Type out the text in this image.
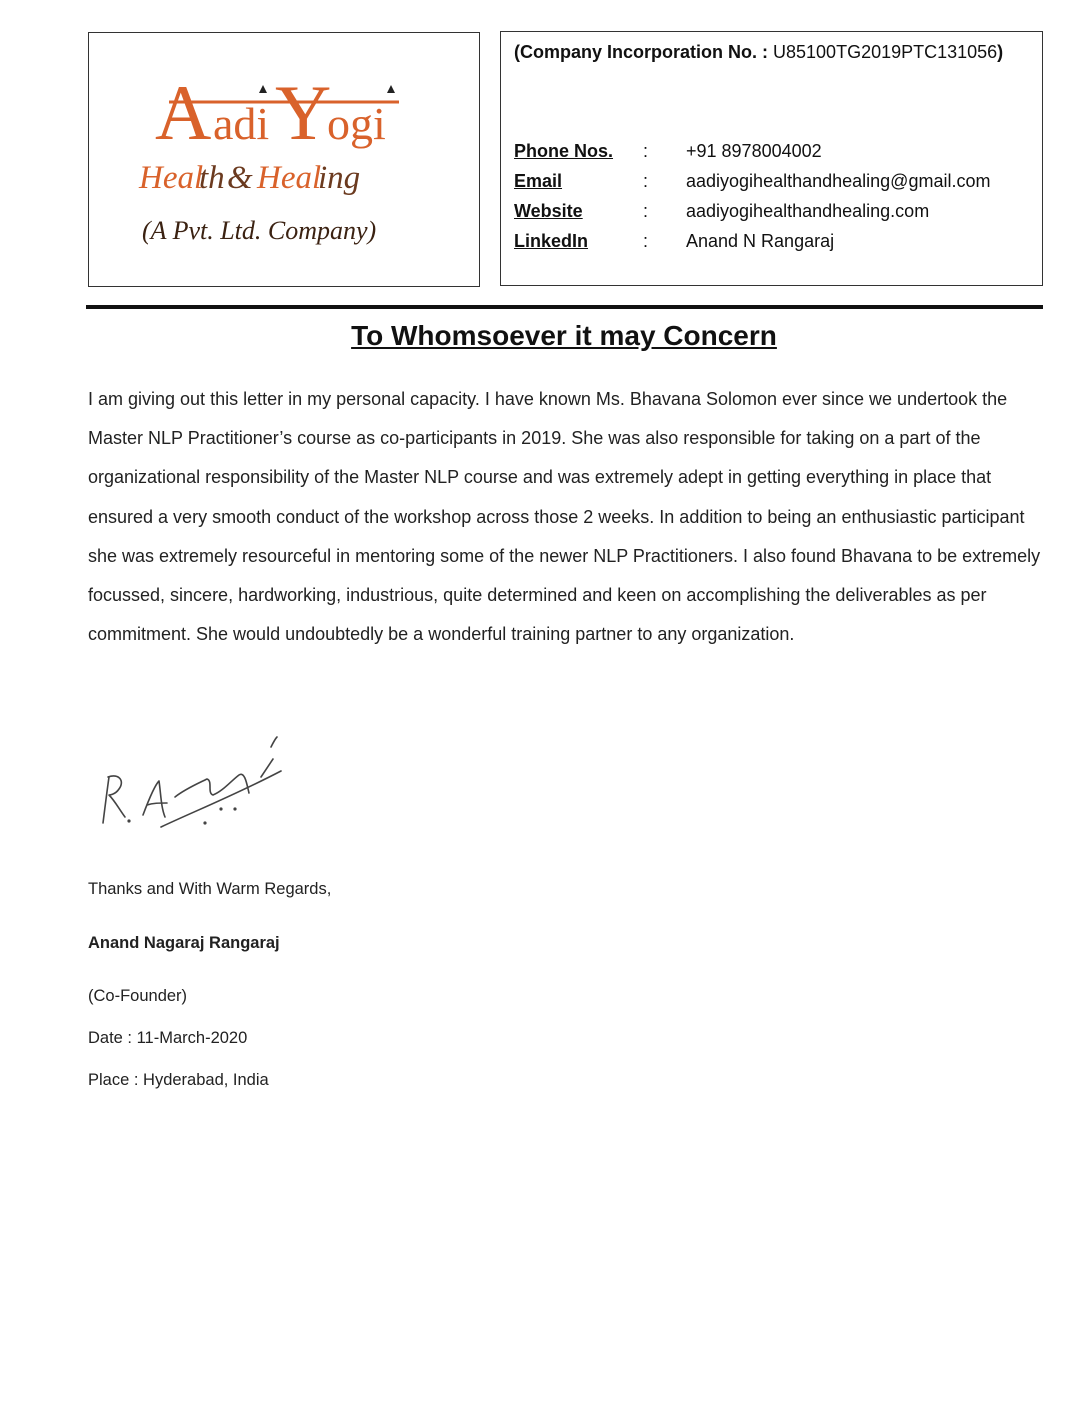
A adi Y
ogi
Heal
th & Heal
ing
(A Pvt. Ltd. Company)
(Company Incorporation No. : U85100TG2019PTC131056)
Phone Nos. : +91 8978004002
Email	: aadiyogihealthandhealing@gmail.com
Website	: aadiyogihealthandhealing.com
LinkedIn	: Anand N Rangaraj
To Whomsoever it may Concern
I am giving out this letter in my personal capacity. I have known Ms. Bhavana Solomon ever since we undertook the Master NLP Practitioner’s course as co-participants in 2019. She was also responsible for taking on a part of the organizational responsibility of the Master NLP course and was extremely adept in getting everything in place that ensured a very smooth conduct of the workshop across those 2 weeks. In addition to being an enthusiastic participant she was extremely resourceful in mentoring some of the newer NLP Practitioners. I also found Bhavana to be extremely focussed, sincere, hardworking, industrious, quite determined and keen on accomplishing the deliverables as per commitment. She would undoubtedly be a wonderful training partner to any organization.
Thanks and With Warm Regards,
Anand Nagaraj Rangaraj
(Co-Founder)
Date : 11-March-2020
Place : Hyderabad, India
